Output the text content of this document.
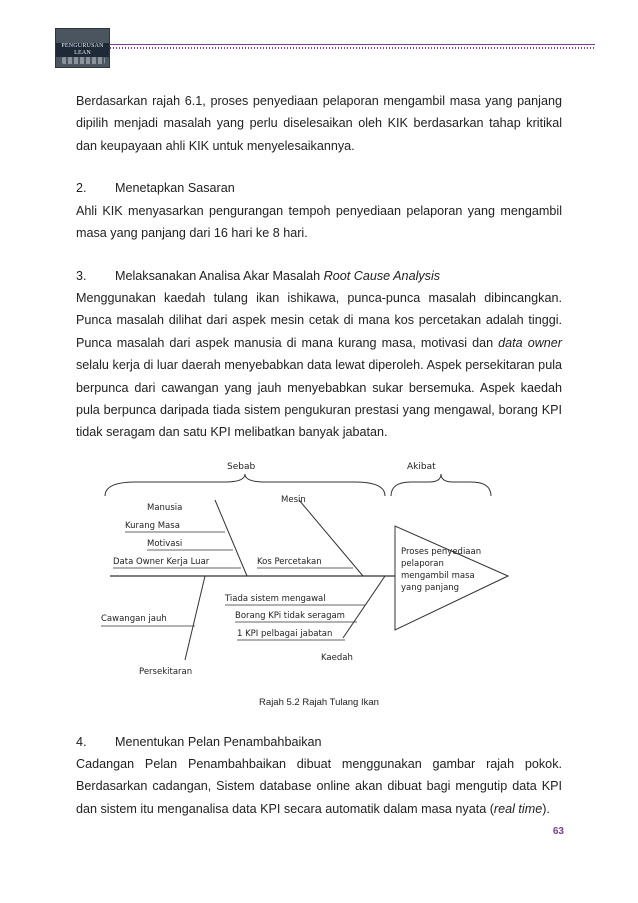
PENGURUSAN
LEAN

Berdasarkan rajah 6.1, proses penyediaan pelaporan mengambil masa yang panjang dipilih menjadi masalah yang perlu diselesaikan oleh KIK berdasarkan tahap kritikal dan keupayaan ahli KIK untuk menyelesaikannya.

2. Menetapkan Sasaran

Ahli KIK menyasarkan pengurangan tempoh penyediaan pelaporan yang mengambil masa yang panjang dari 16 hari ke 8 hari.

3. Melaksanakan Analisa Akar Masalah Root Cause Analysis

Menggunakan kaedah tulang ikan ishikawa, punca-punca masalah dibincangkan. Punca masalah dilihat dari aspek mesin cetak di mana kos percetakan adalah tinggi. Punca masalah dari aspek manusia di mana kurang masa, motivasi dan data owner selalu kerja di luar daerah menyebabkan data lewat diperoleh. Aspek persekitaran pula berpunca dari cawangan yang jauh menyebabkan sukar bersemuka. Aspek kaedah pula berpunca daripada tiada sistem pengukuran prestasi yang mengawal, borang KPI tidak seragam dan satu KPI melibatkan banyak jabatan.

Sebab	Akibat
Proses penyediaan
pelaporan
mengambil masa
yang panjang
Manusia
Kurang Masa
Motivasi
Data Owner Kerja Luar
Mesin
Kos Percetakan
Cawangan jauh
Persekitaran
Tiada sistem mengawal
Borang KPi tidak seragam
1 KPI pelbagai jabatan
Kaedah
Rajah 5.2 Rajah Tulang Ikan

4. Menentukan Pelan Penambahbaikan

Cadangan Pelan Penambahbaikan dibuat menggunakan gambar rajah pokok. Berdasarkan cadangan, Sistem database online akan dibuat bagi mengutip data KPI dan sistem itu menganalisa data KPI secara automatik dalam masa nyata (real time).

63
